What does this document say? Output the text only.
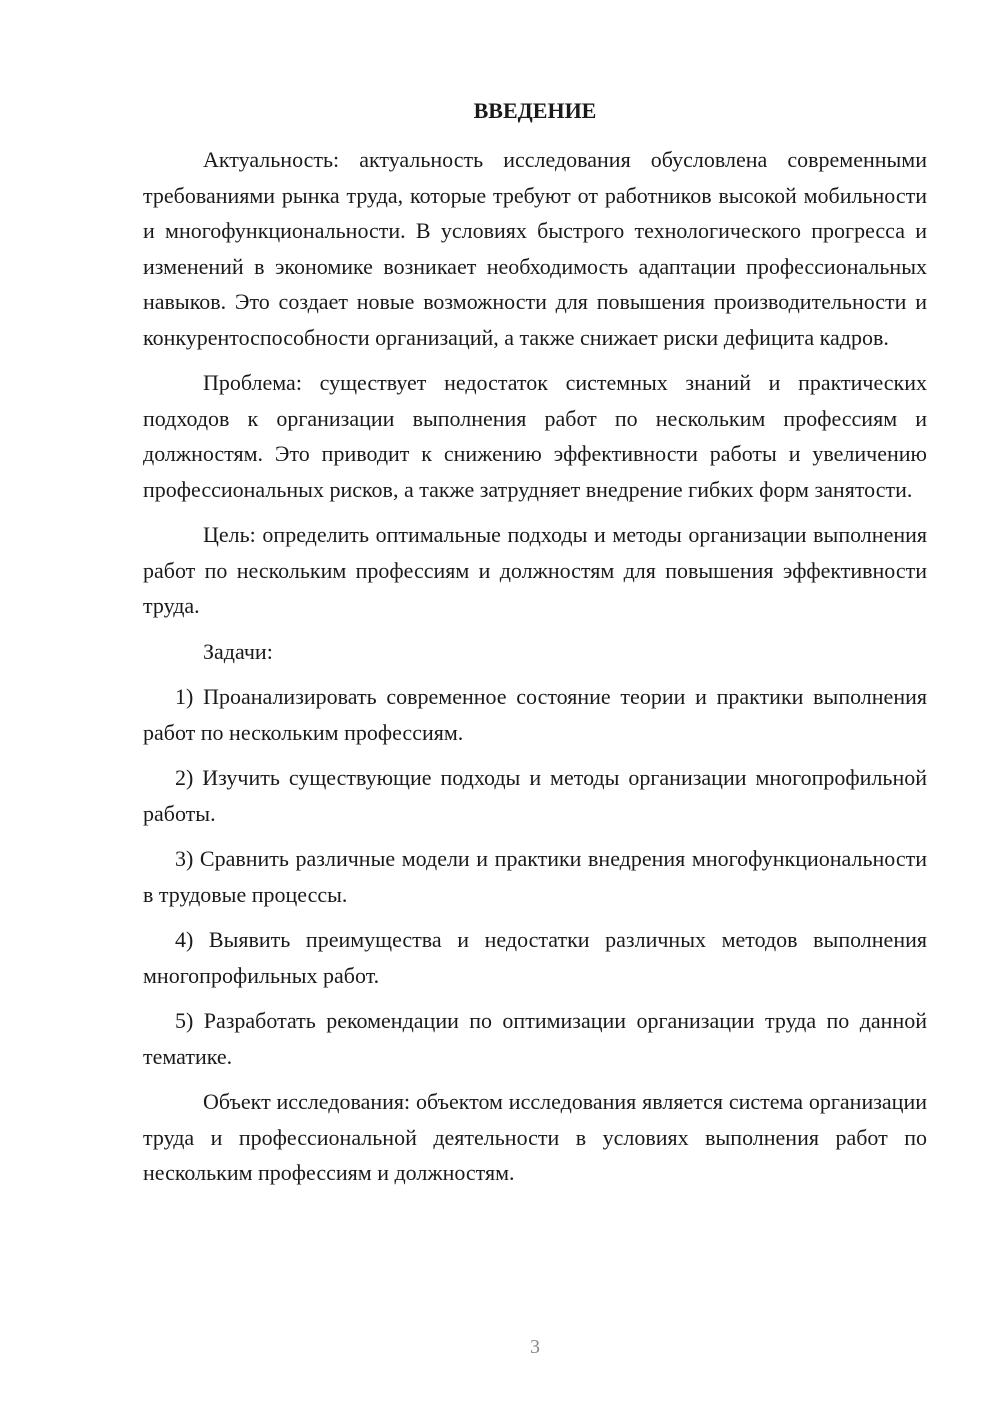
ВВЕДЕНИЕ

Актуальность: актуальность исследования обусловлена современными требованиями рынка труда, которые требуют от работников высокой мобильности и многофункциональности. В условиях быстрого технологического прогресса и изменений в экономике возникает необходимость адаптации профессиональных навыков. Это создает новые возможности для повышения производительности и конкурентоспособности организаций, а также снижает риски дефицита кадров.

Проблема: существует недостаток системных знаний и практических подходов к организации выполнения работ по нескольким профессиям и должностям. Это приводит к снижению эффективности работы и увеличению профессиональных рисков, а также затрудняет внедрение гибких форм занятости.

Цель: определить оптимальные подходы и методы организации выполнения работ по нескольким профессиям и должностям для повышения эффективности труда.

Задачи:

1) Проанализировать современное состояние теории и практики выполнения работ по нескольким профессиям.

2) Изучить существующие подходы и методы организации многопрофильной работы.

3) Сравнить различные модели и практики внедрения многофункциональности в трудовые процессы.

4) Выявить преимущества и недостатки различных методов выполнения многопрофильных работ.

5) Разработать рекомендации по оптимизации организации труда по данной тематике.

Объект исследования: объектом исследования является система организации труда и профессиональной деятельности в условиях выполнения работ по нескольким профессиям и должностям.

3
